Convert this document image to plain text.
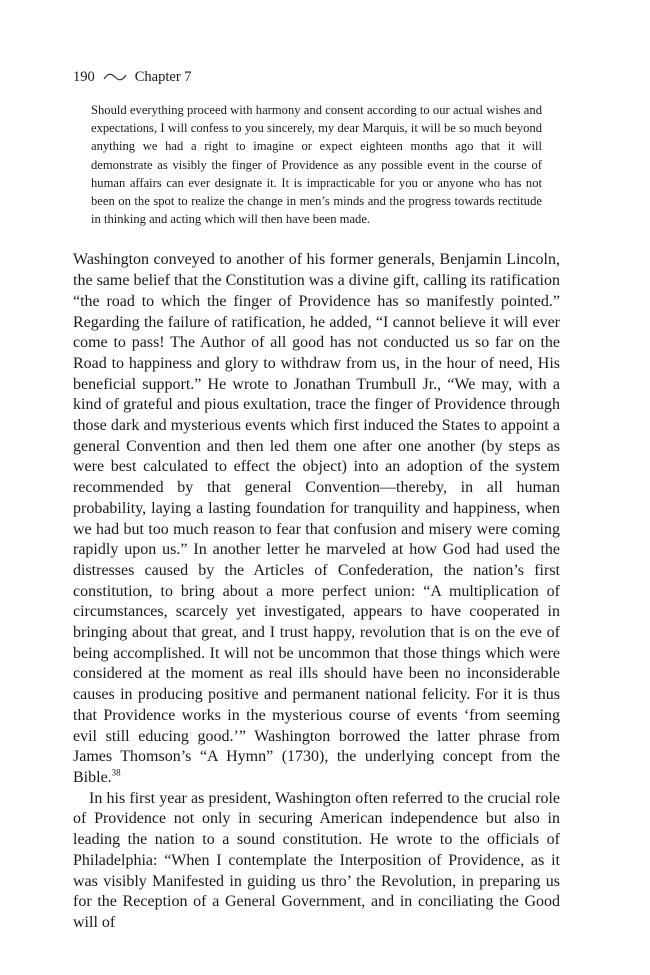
190	Chapter 7
Should everything proceed with harmony and consent according to our actual wishes and expectations, I will confess to you sincerely, my dear Marquis, it will be so much beyond anything we had a right to imagine or expect eighteen months ago that it will demonstrate as visibly the finger of Providence as any possible event in the course of human affairs can ever designate it. It is impracticable for you or anyone who has not been on the spot to realize the change in men’s minds and the progress towards rectitude in thinking and acting which will then have been made.

Washington conveyed to another of his former generals, Benjamin Lincoln, the same belief that the Constitution was a divine gift, calling its ratification “the road to which the finger of Providence has so manifestly pointed.” Regarding the failure of ratification, he added, “I cannot believe it will ever come to pass! The Author of all good has not conducted us so far on the Road to happiness and glory to withdraw from us, in the hour of need, His beneficial support.” He wrote to Jonathan Trumbull Jr., “We may, with a kind of grateful and pious exultation, trace the finger of Providence through those dark and mysterious events which first induced the States to appoint a general Convention and then led them one after one another (by steps as were best calculated to effect the object) into an adoption of the system recommended by that general Convention—thereby, in all human probability, laying a lasting foundation for tranquility and happiness, when we had but too much reason to fear that confusion and misery were coming rapidly upon us.” In another letter he marveled at how God had used the distresses caused by the Articles of Confederation, the nation’s first constitution, to bring about a more perfect union: “A multiplication of circumstances, scarcely yet investigated, appears to have cooperated in bringing about that great, and I trust happy, revolution that is on the eve of being accomplished. It will not be uncommon that those things which were considered at the moment as real ills should have been no inconsiderable causes in producing positive and permanent national felicity. For it is thus that Providence works in the mysterious course of events ‘from seeming evil still educing good.’” Washington borrowed the latter phrase from James Thomson’s “A Hymn” (1730), the underlying concept from the Bible.$^{38}$

In his first year as president, Washington often referred to the crucial role of Providence not only in securing American independence but also in leading the nation to a sound constitution. He wrote to the officials of Philadelphia: “When I contemplate the Interposition of Providence, as it was visibly Manifested in guiding us thro’ the Revolution, in preparing us for the Reception of a General Government, and in conciliating the Good will of
